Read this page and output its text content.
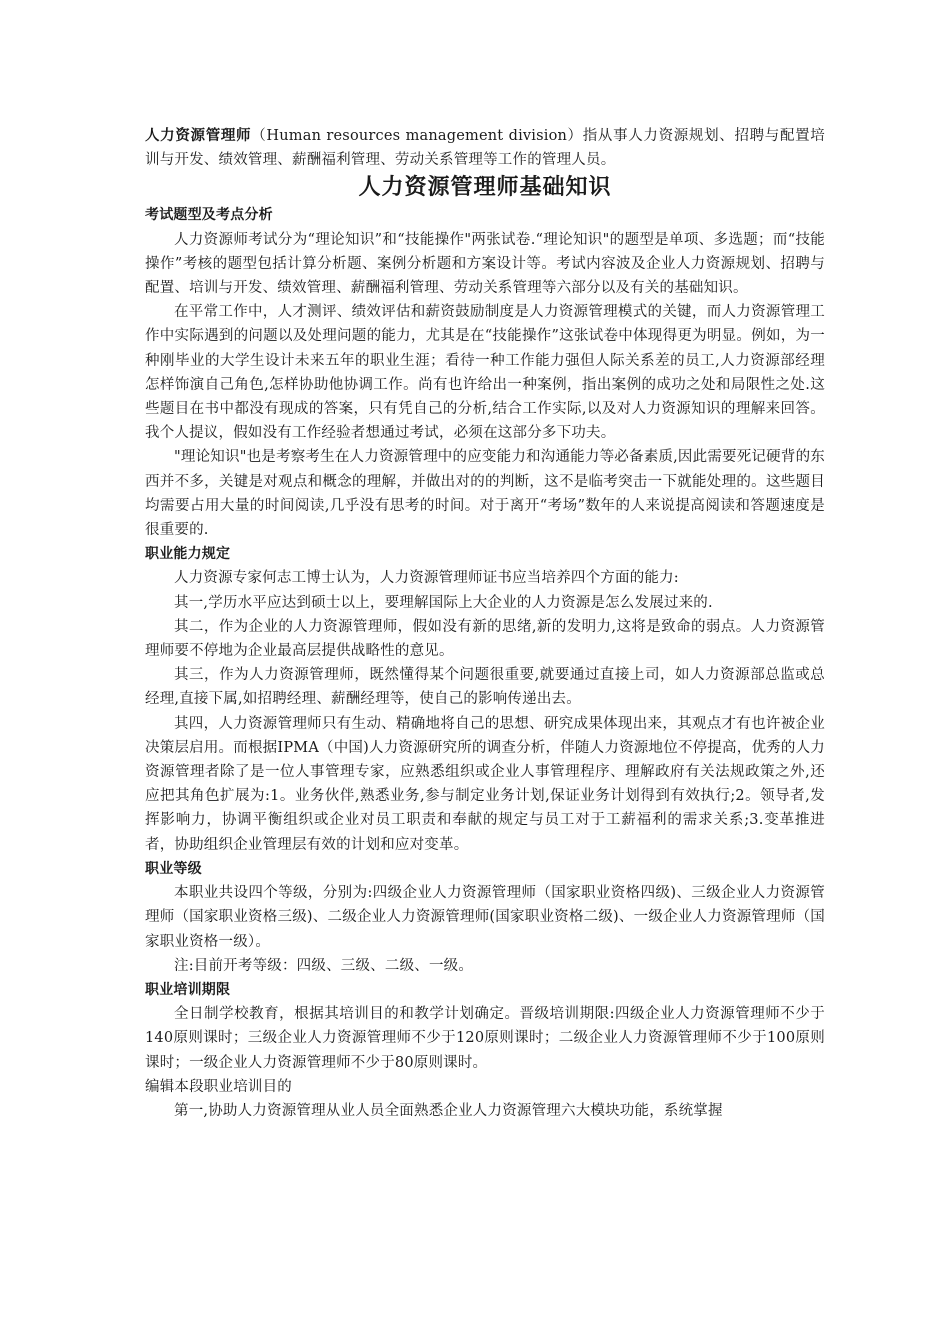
人力资源管理师（Human resources management division）指从事人力资源规划、招聘与配置培训与开发、绩效管理、薪酬福利管理、劳动关系管理等工作的管理人员。

人力资源管理师基础知识
考试题型及考点分析

人力资源师考试分为“理论知识”和“技能操作"两张试卷.“理论知识"的题型是单项、多选题；而“技能操作”考核的题型包括计算分析题、案例分析题和方案设计等。考试内容波及企业人力资源规划、招聘与配置、培训与开发、绩效管理、薪酬福利管理、劳动关系管理等六部分以及有关的基础知识。

在平常工作中，人才测评、绩效评估和薪资鼓励制度是人力资源管理模式的关键，而人力资源管理工作中实际遇到的问题以及处理问题的能力，尤其是在“技能操作”这张试卷中体现得更为明显。例如，为一种刚毕业的大学生设计未来五年的职业生涯；看待一种工作能力强但人际关系差的员工,人力资源部经理怎样饰演自己角色,怎样协助他协调工作。尚有也许给出一种案例，指出案例的成功之处和局限性之处.这些题目在书中都没有现成的答案，只有凭自己的分析,结合工作实际,以及对人力资源知识的理解来回答。我个人提议，假如没有工作经验者想通过考试，必须在这部分多下功夫。

"理论知识"也是考察考生在人力资源管理中的应变能力和沟通能力等必备素质,因此需要死记硬背的东西并不多，关键是对观点和概念的理解，并做出对的的判断，这不是临考突击一下就能处理的。这些题目均需要占用大量的时间阅读,几乎没有思考的时间。对于离开“考场”数年的人来说提高阅读和答题速度是很重要的.

职业能力规定

人力资源专家何志工博士认为，人力资源管理师证书应当培养四个方面的能力:

其一,学历水平应达到硕士以上，要理解国际上大企业的人力资源是怎么发展过来的.

其二，作为企业的人力资源管理师，假如没有新的思绪,新的发明力,这将是致命的弱点。人力资源管理师要不停地为企业最高层提供战略性的意见。

其三，作为人力资源管理师，既然懂得某个问题很重要,就要通过直接上司，如人力资源部总监或总经理,直接下属,如招聘经理、薪酬经理等，使自己的影响传递出去。

其四，人力资源管理师只有生动、精确地将自己的思想、研究成果体现出来，其观点才有也许被企业决策层启用。而根据IPMA（中国)人力资源研究所的调查分析，伴随人力资源地位不停提高，优秀的人力资源管理者除了是一位人事管理专家，应熟悉组织或企业人事管理程序、理解政府有关法规政策之外,还应把其角色扩展为:1。业务伙伴,熟悉业务,参与制定业务计划,保证业务计划得到有效执行;2。领导者,发挥影响力，协调平衡组织或企业对员工职责和奉献的规定与员工对于工薪福利的需求关系;3.变革推进者，协助组织企业管理层有效的计划和应对变革。

职业等级

本职业共设四个等级，分别为:四级企业人力资源管理师（国家职业资格四级)、三级企业人力资源管理师（国家职业资格三级)、二级企业人力资源管理师(国家职业资格二级)、一级企业人力资源管理师（国家职业资格一级）。

注:目前开考等级：四级、三级、二级、一级。

职业培训期限

全日制学校教育，根据其培训目的和教学计划确定。晋级培训期限:四级企业人力资源管理师不少于140原则课时；三级企业人力资源管理师不少于120原则课时；二级企业人力资源管理师不少于100原则课时；一级企业人力资源管理师不少于80原则课时。

编辑本段职业培训目的

第一,协助人力资源管理从业人员全面熟悉企业人力资源管理六大模块功能，系统掌握
